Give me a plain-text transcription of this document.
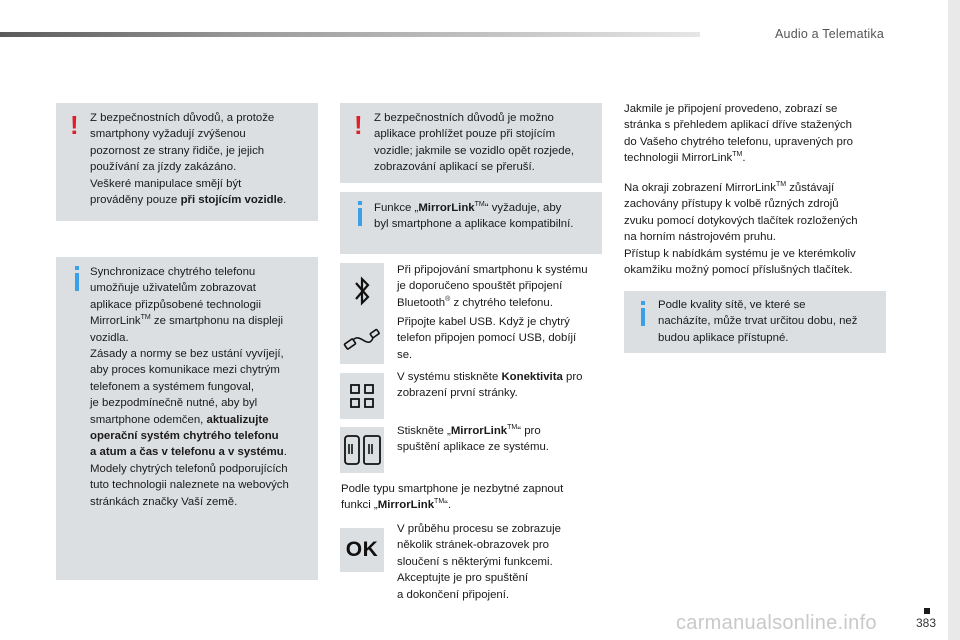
Audio a Telematika
! Z bezpečnostních důvodů, a protože

smartphony vyžadují zvýšenou

pozornost ze strany řidiče, je jejich

používání za jízdy zakázáno.

Veškeré manipulace smějí být

prováděny pouze při stojícím vozidle.

Synchronizace chytrého telefonu

umožňuje uživatelům zobrazovat

aplikace přizpůsobené technologii

MirrorLink™ ze smartphonu na displeji

vozidla.

Zásady a normy se bez ustání vyvíjejí,

aby proces komunikace mezi chytrým

telefonem a systémem fungoval,

je bezpodmínečně nutné, aby byl

smartphone odemčen, aktualizujte

operační systém chytrého telefonu

a atum a čas v telefonu a v systému.

Modely chytrých telefonů podporujících

tuto technologii naleznete na webových

stránkách značky Vaší země.

! Z bezpečnostních důvodů je možno

aplikace prohlížet pouze při stojícím

vozidle; jakmile se vozidlo opět rozjede,

zobrazování aplikací se přeruší.

Funkce „MirrorLink™“ vyžaduje, aby

byl smartphone a aplikace kompatibilní.

Při připojování smartphonu k systému

je doporučeno spouštět připojení

Bluetooth® z chytrého telefonu.

Připojte kabel USB. Když je chytrý

telefon připojen pomocí USB, dobíjí

se.

V systému stiskněte Konektivita pro

zobrazení první stránky.

Stiskněte „MirrorLink™“ pro

spuštění aplikace ze systému.

Podle typu smartphone je nezbytné zapnout

funkci „MirrorLink™“.

OK

V průběhu procesu se zobrazuje

několik stránek-obrazovek pro

sloučení s některými funkcemi.

Akceptujte je pro spuštění

a dokončení připojení.

Jakmile je připojení provedeno, zobrazí se

stránka s přehledem aplikací dříve stažených

do Vašeho chytrého telefonu, upravených pro

technologii MirrorLink™.

Na okraji zobrazení MirrorLink™ zůstávají

zachovány přístupy k volbě různých zdrojů

zvuku pomocí dotykových tlačítek rozložených

na horním nástrojovém pruhu.

Přístup k nabídkám systému je ve kterémkoliv

okamžiku možný pomocí příslušných tlačítek.

Podle kvality sítě, ve které se

nacházíte, může trvat určitou dobu, než

budou aplikace přístupné.

383
carmanualsonline.info
